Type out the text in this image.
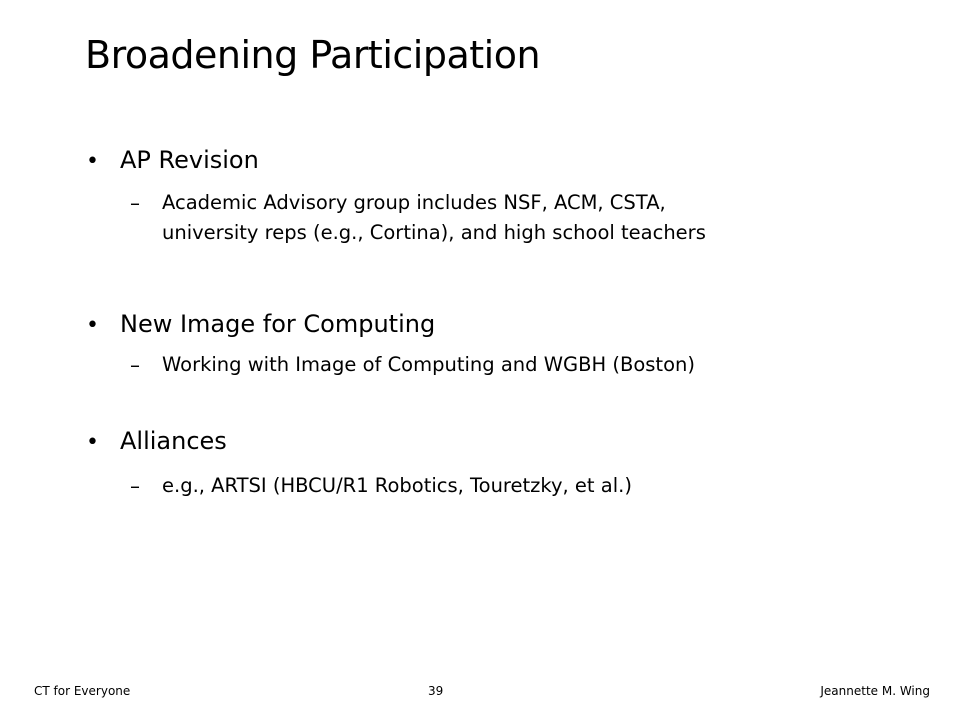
Broadening Participation
• AP Revision
–	Academic Advisory group includes NSF, ACM, CSTA,
university reps (e.g., Cortina), and high school teachers
• New Image for Computing
–	Working with Image of Computing and WGBH (Boston)
• Alliances
–	e.g., ARTSI (HBCU/R1 Robotics, Touretzky, et al.)
CT for Everyone	39	Jeannette M. Wing
